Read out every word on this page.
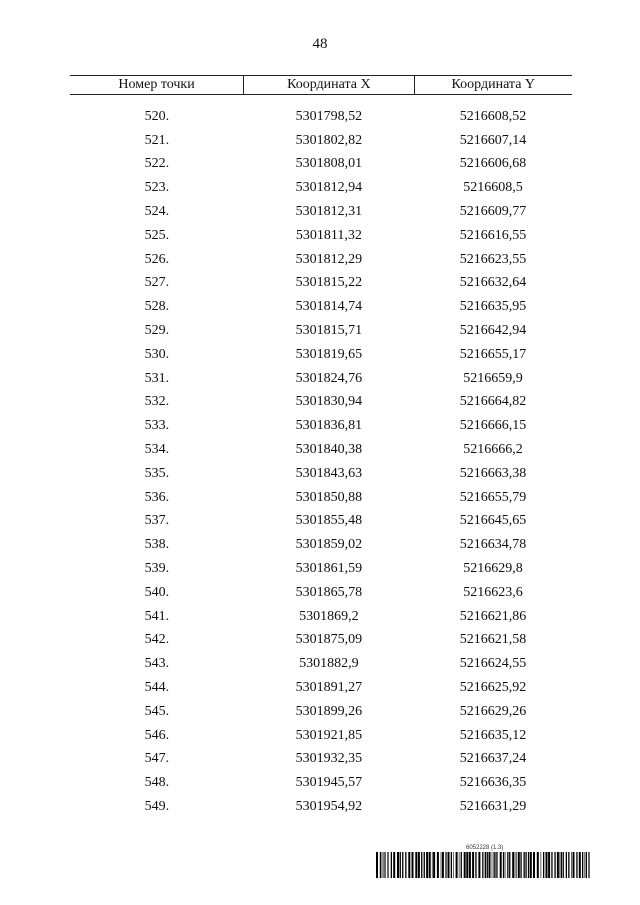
48
Номер точки	Координата X	Координата Y

520.	5301798,52	5216608,52
521.	5301802,82	5216607,14
522.	5301808,01	5216606,68
523.	5301812,94	5216608,5
524.	5301812,31	5216609,77
525.	5301811,32	5216616,55
526.	5301812,29	5216623,55
527.	5301815,22	5216632,64
528.	5301814,74	5216635,95
529.	5301815,71	5216642,94
530.	5301819,65	5216655,17
531.	5301824,76	5216659,9
532.	5301830,94	5216664,82
533.	5301836,81	5216666,15
534.	5301840,38	5216666,2
535.	5301843,63	5216663,38
536.	5301850,88	5216655,79
537.	5301855,48	5216645,65
538.	5301859,02	5216634,78
539.	5301861,59	5216629,8
540.	5301865,78	5216623,6
541.	5301869,2	5216621,86
542.	5301875,09	5216621,58
543.	5301882,9	5216624,55
544.	5301891,27	5216625,92
545.	5301899,26	5216629,26
546.	5301921,85	5216635,12
547.	5301932,35	5216637,24
548.	5301945,57	5216636,35
549.	5301954,92	5216631,29
6052228 (1.3)
